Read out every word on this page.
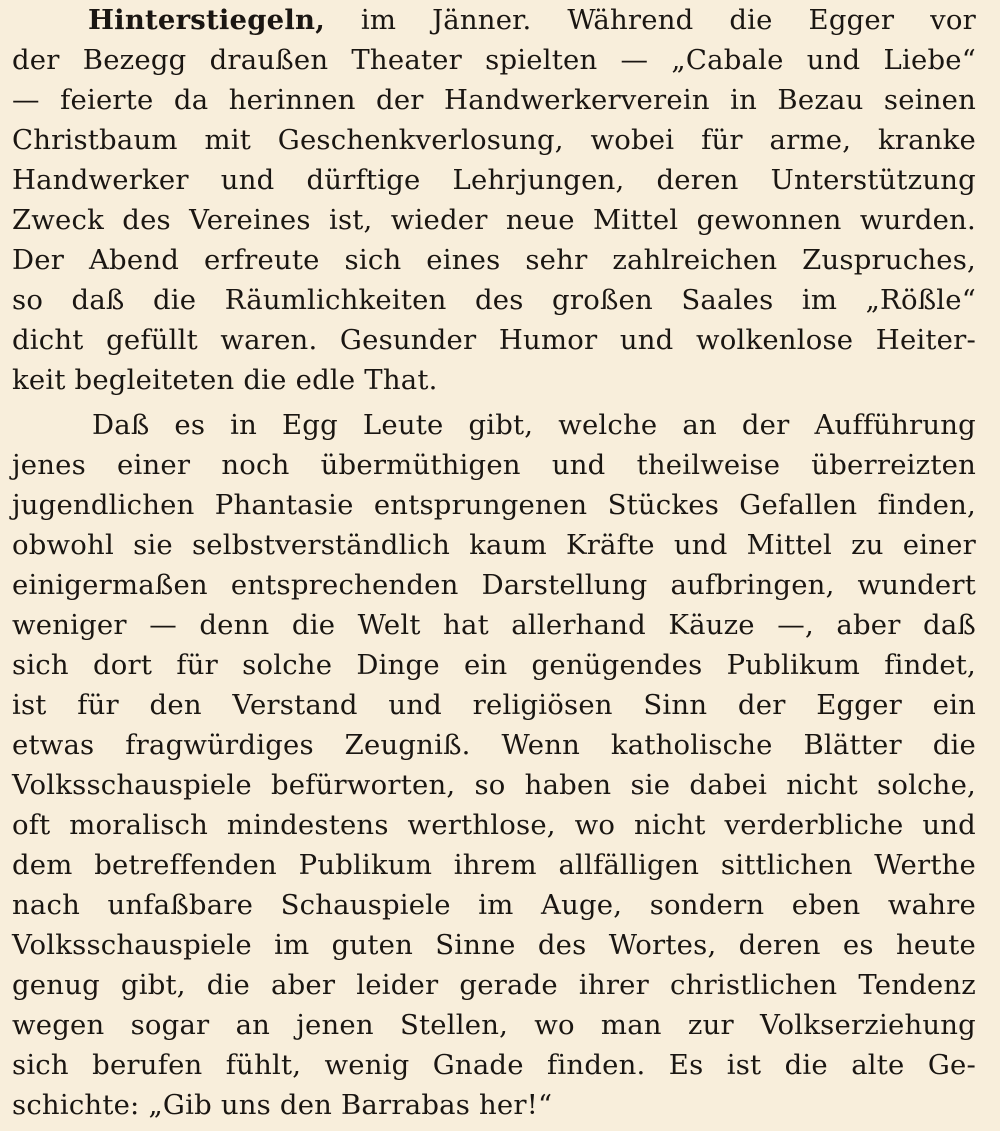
Hinterstiegeln, im Jänner. Während die Egger vor
der Bezegg draußen Theater spielten — „Cabale und Liebe“
— feierte da herinnen der Handwerkerverein in Bezau seinen
Christbaum mit Geschenkverlosung, wobei für arme, kranke
Handwerker und dürftige Lehrjungen, deren Unterstützung
Zweck des Vereines ist, wieder neue Mittel gewonnen wurden.
Der Abend erfreute sich eines sehr zahlreichen Zuspruches,
so daß die Räumlichkeiten des großen Saales im „Rößle“
dicht gefüllt waren. Gesunder Humor und wolkenlose Heiter-
keit begleiteten die edle That.
Daß es in Egg Leute gibt, welche an der Aufführung
jenes einer noch übermüthigen und theilweise überreizten
jugendlichen Phantasie entsprungenen Stückes Gefallen finden,
obwohl sie selbstverständlich kaum Kräfte und Mittel zu einer
einigermaßen entsprechenden Darstellung aufbringen, wundert
weniger — denn die Welt hat allerhand Käuze —, aber daß
sich dort für solche Dinge ein genügendes Publikum findet,
ist für den Verstand und religiösen Sinn der Egger ein
etwas fragwürdiges Zeugniß. Wenn katholische Blätter die
Volksschauspiele befürworten, so haben sie dabei nicht solche,
oft moralisch mindestens werthlose, wo nicht verderbliche und
dem betreffenden Publikum ihrem allfälligen sittlichen Werthe
nach unfaßbare Schauspiele im Auge, sondern eben wahre
Volksschauspiele im guten Sinne des Wortes, deren es heute
genug gibt, die aber leider gerade ihrer christlichen Tendenz
wegen sogar an jenen Stellen, wo man zur Volkserziehung
sich berufen fühlt, wenig Gnade finden. Es ist die alte Ge-
schichte: „Gib uns den Barrabas her!“
